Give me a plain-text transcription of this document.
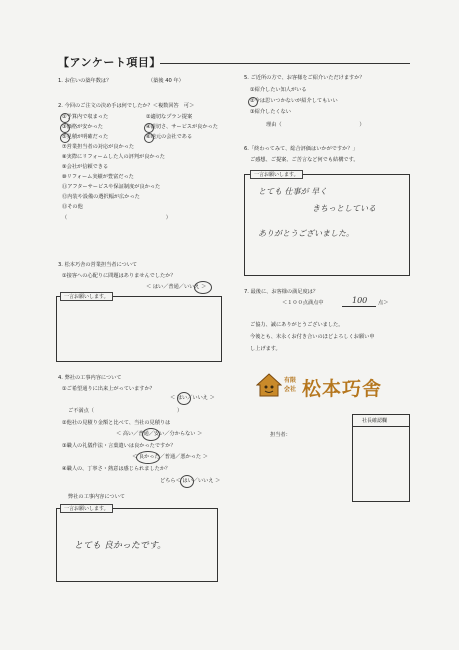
【アンケート項目】
1. お住いの築年数は？	（築後 40 年）
2. 今回のご注文の決め手は何でしたか？＜複数回答　可＞
①予算内で収まった	②適切なプラン提案
③価格が安かった	④親切さ、サービスが良かった
⑤見積が明確だった	⑥地元の会社である
⑦営業担当者の対応が良かった
⑧実際にリフォームした人の評判が良かった
⑨会社が信頼できる
⑩リフォーム実績が豊富だった
⑪アフターサービスや保証制度が良かった
⑫内装や設備の選択幅が広かった
⑬その他
（　　　　　　　　　　　　　　　　　　　）
3. 松本巧舎の営業担当者について
①接客への心配りに問題はありませんでしたか？
＜ はい／普通／いいえ ＞
一言お願いします。
4. 弊社の工事内容について
①ご希望通りに出来上がっていますか？
＜ はい／いいえ ＞
ご不満点（　　　　　　　　　　　　　　　　）
②他社の見積り金額と比べて、当社の見積りは
＜ 高い／普通／安い／分からない ＞
③職人の礼儀作法・言葉遣いは良かったですか？
＜ 良かった／普通／悪かった ＞
④職人の、丁寧さ・熱意は感じられましたか？
どちら＜ はい／いいえ ＞
弊社の工事内容について
一言お願いします。
とても 良かったです。
5. ご近所の方で、お客様をご紹介いただけますか？
①紹介したい知人がいる
②今は思いつかないが紹介してもいい
③紹介したくない
理由（　　　　　　　　　　　　　　　）
6.「終わってみて、総合評価はいかがですか？」
ご感想、ご提案、ご苦言など何でも結構です。
一言お願いします。
とても 仕事が 早く
きちっとしている
ありがとうございました。
7. 最後に、お客様の満足度は？
＜１００点満点中	100 点＞
ご協力、誠にありがとうございました。
今後とも、末永くお付き合いのほどよろしくお願い申
し上げます。
有限
会社 松本巧舎
担当者：
社長確認欄
